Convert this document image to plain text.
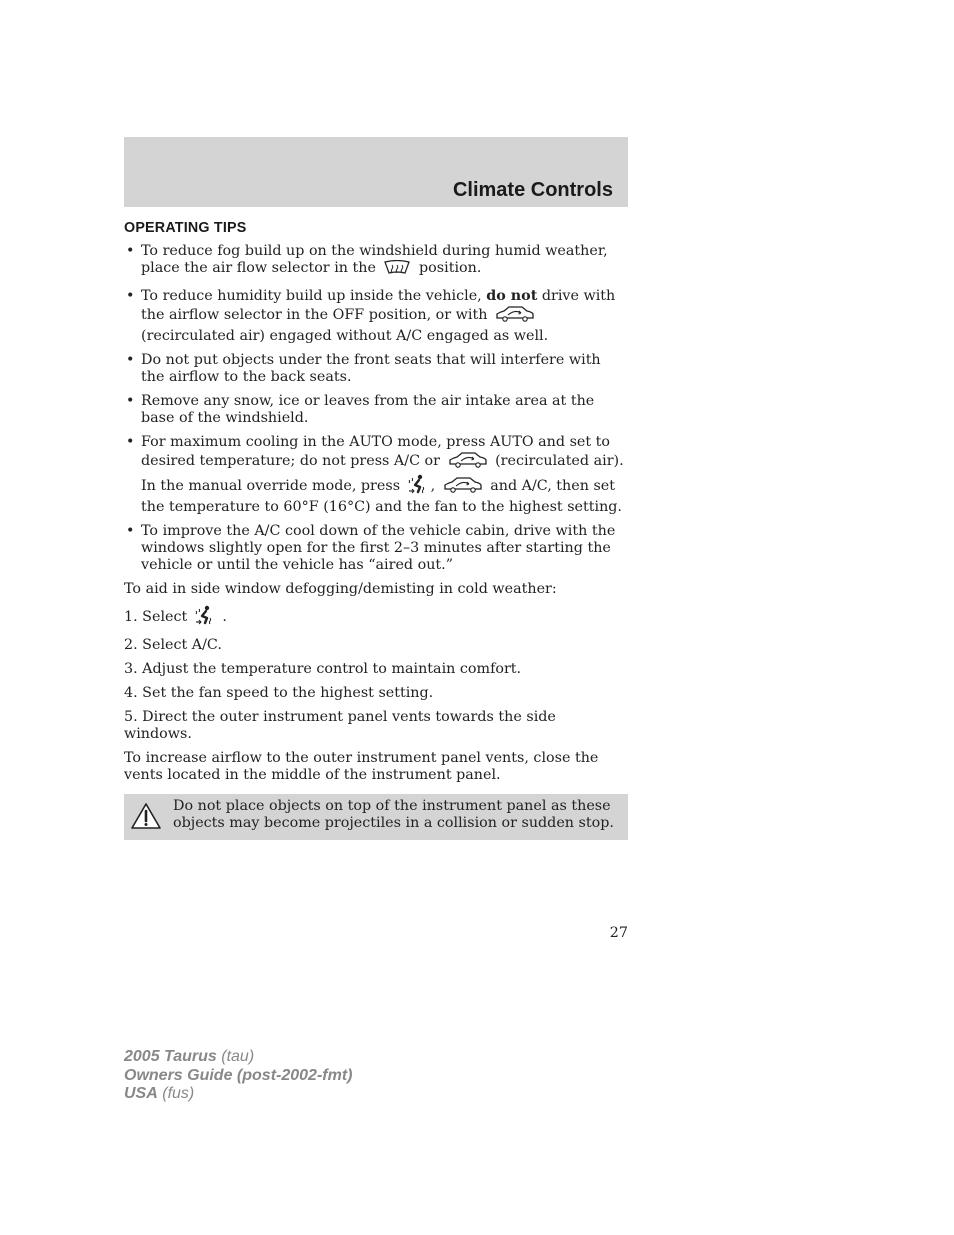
Climate Controls
OPERATING TIPS
• To reduce fog build up on the windshield during humid weather, place the air flow selector in the	position.
• To reduce humidity build up inside the vehicle, do not drive with the airflow selector in the OFF position, or with  (recirculated air) engaged without A/C engaged as well.
• Do not put objects under the front seats that will interfere with the airflow to the back seats.
• Remove any snow, ice or leaves from the air intake area at the base of the windshield.
• For maximum cooling in the AUTO mode, press AUTO and set to desired temperature; do not press A/C or	(recirculated air). In the manual override mode, press ,	and A/C, then set the temperature to 60°F (16°C) and the fan to the highest setting.
• To improve the A/C cool down of the vehicle cabin, drive with the windows slightly open for the first 2–3 minutes after starting the vehicle or until the vehicle has “aired out.”

To aid in side window defogging/demisting in cold weather:

1. Select .
2. Select A/C.
3. Adjust the temperature control to maintain comfort.
4. Set the fan speed to the highest setting.
5. Direct the outer instrument panel vents towards the side windows.

To increase airflow to the outer instrument panel vents, close the vents located in the middle of the instrument panel.

Do not place objects on top of the instrument panel as these objects may become projectiles in a collision or sudden stop.
27
2005 Taurus (tau)
Owners Guide (post-2002-fmt)
USA (fus)
